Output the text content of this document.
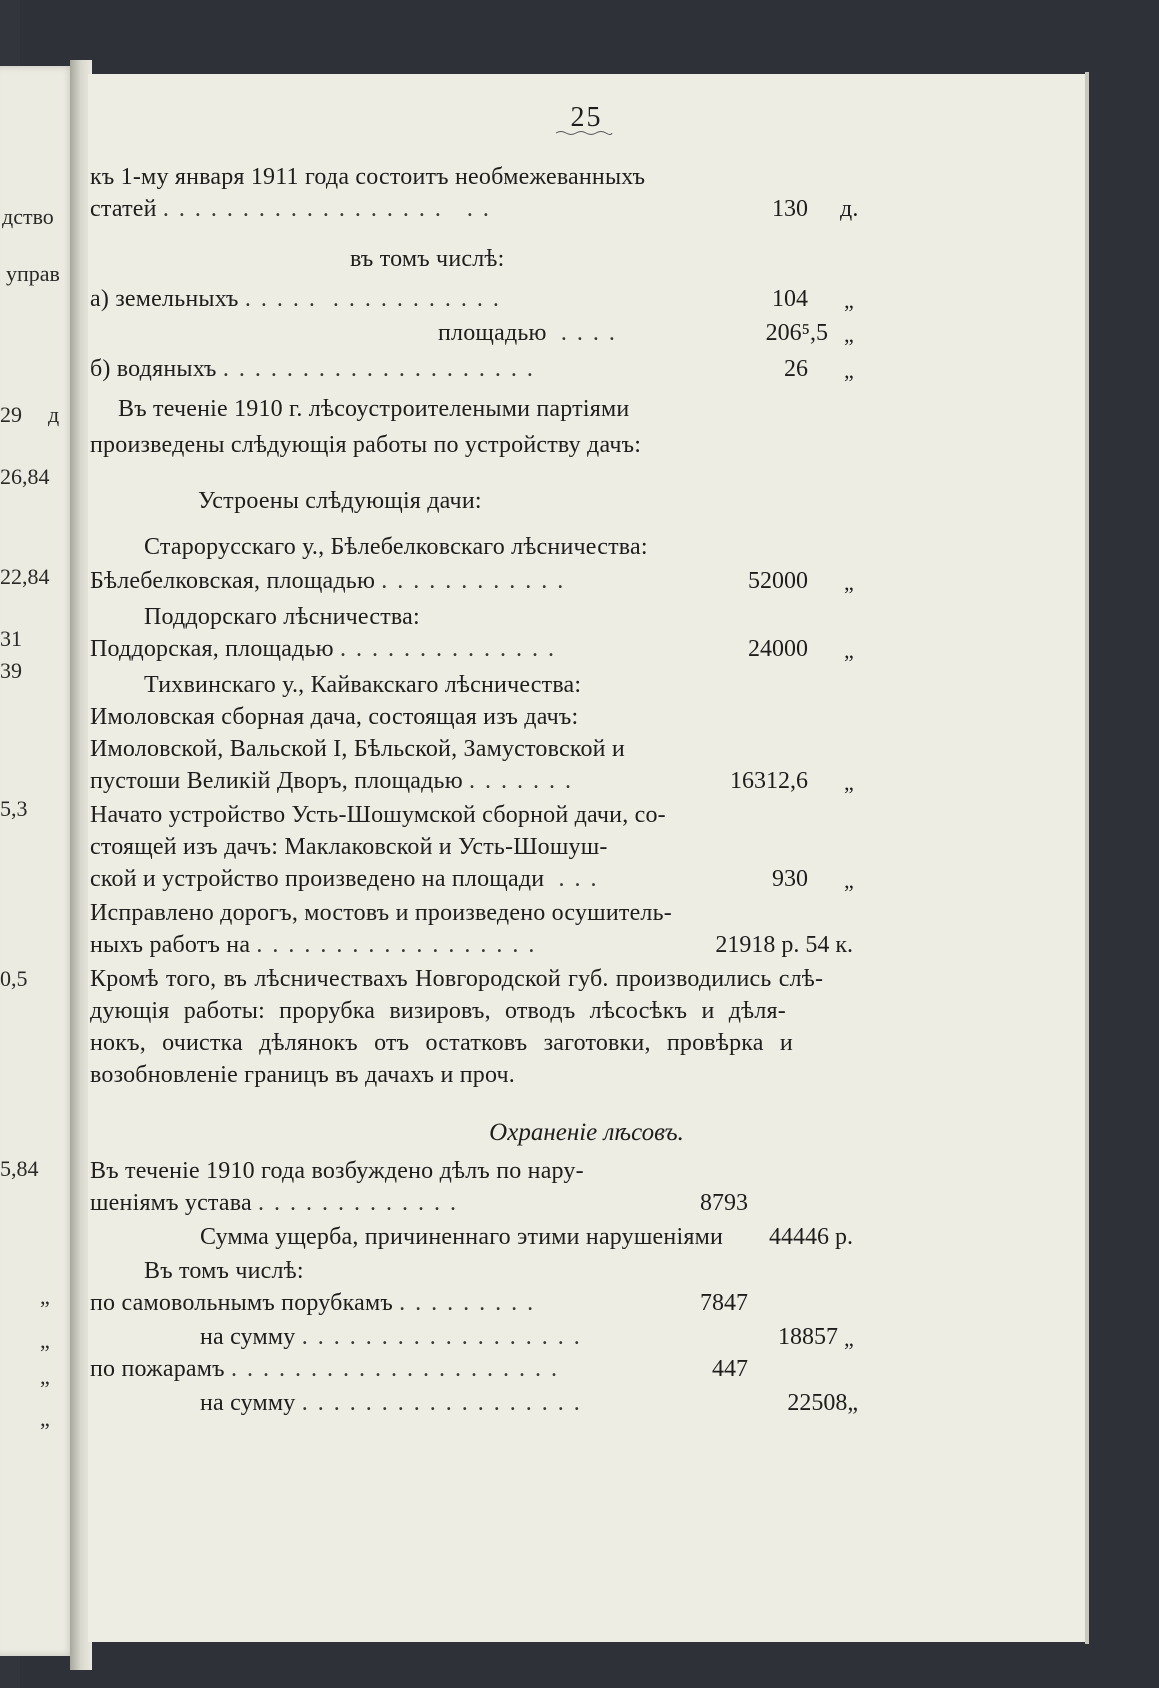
дство
управ
29 д
26,84
22,84
31
39
5,3
0,5
5,84
„
„
„
„
25
къ 1-му января 1911 года состоитъ необмежеванныхъ
статей . . . . . . . . . . . . . . . . . .   . .	130 д.
въ томъ числѣ:
а) земельныхъ . . . . .  . . . . . . . . . . .	104 „
площадью  . . . .	206⁵,5 „
б) водяныхъ . . . . . . . . . . . . . . . . . . . .	26 „
Въ теченіе 1910 г. лѣсоустроителеными партіями
произведены слѣдующія работы по устройству дачъ:
Устроены слѣдующія дачи:
Старорусскаго у., Бѣлебелковскаго лѣсничества:
Бѣлебелковская, площадью . . . . . . . . . . . .	52000 „
Поддорскаго лѣсничества:
Поддорская, площадью . . . . . . . . . . . . . .	24000 „
Тихвинскаго у., Кайвакскаго лѣсничества:
Имоловская сборная дача, состоящая изъ дачъ:
Имоловской, Вальской I, Бѣльской, Замустовской и
пустоши Великій Дворъ, площадью . . . . . . .	16312,6 „
Начато устройство Усть-Шошумской сборной дачи, со-
стоящей изъ дачъ: Маклаковской и Усть-Шошуш-
ской и устройство произведено на площади  . . .	930 „
Исправлено дорогъ, мостовъ и произведено осушитель-
ныхъ работъ на . . . . . . . . . . . . . . . . . .	21918 р. 54 к.
Кромѣ того, въ лѣсничествахъ Новгородской губ. производились слѣ-
дующія работы: прорубка визировъ, отводъ лѣсосѣкъ и дѣля-
нокъ, очистка дѣлянокъ отъ остатковъ заготовки, провѣрка и
возобновленіе границъ въ дачахъ и проч.
Охраненіе лѣсовъ.
Въ теченіе 1910 года возбуждено дѣлъ по нару-
шеніямъ устава . . . . . . . . . . . . .	8793
Сумма ущерба, причиненнаго этими нарушеніями	44446 р.
Въ томъ числѣ:
по самовольнымъ порубкамъ . . . . . . . . .	7847
на сумму . . . . . . . . . . . . . . . . . .	18857 „
по пожарамъ . . . . . . . . . . . . . . . . . . . . .	447
на сумму . . . . . . . . . . . . . . . . . .	22508„
